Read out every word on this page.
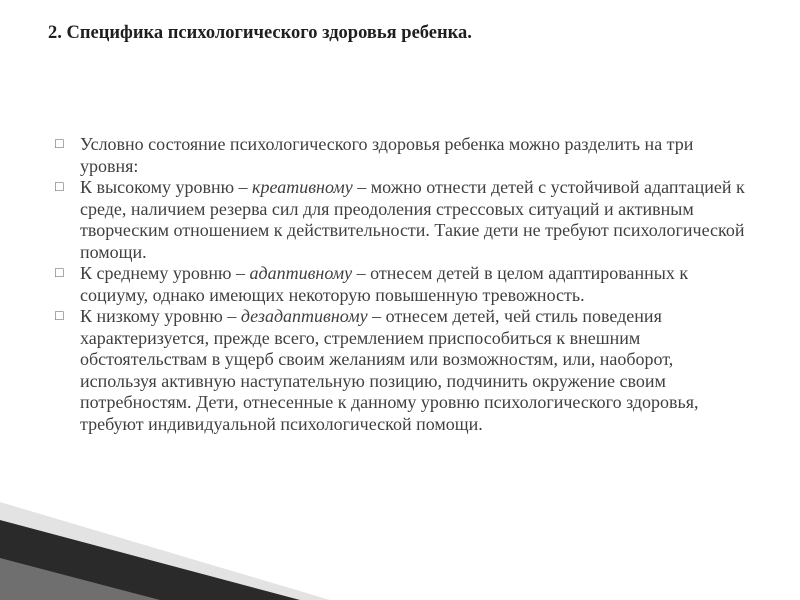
2. Специфика психологического здоровья ребенка.
☐ Условно состояние психологического здоровья ребенка можно разделить на три уровня:
☐ К высокому уровню – креативному – можно отнести детей с устойчивой адаптацией к среде, наличием резерва сил для преодоления стрессовых ситуаций и активным творческим отношением к действительности. Такие дети не требуют психологической помощи.
☐ К среднему уровню – адаптивному – отнесем детей в целом адаптированных к социуму, однако имеющих некоторую повышенную тревожность.
☐ К низкому уровню – дезадаптивному – отнесем детей, чей стиль поведения характеризуется, прежде всего, стремлением приспособиться к внешним обстоятельствам в ущерб своим желаниям или возможностям, или, наоборот, используя активную наступательную позицию, подчинить окружение своим потребностям. Дети, отнесенные к данному уровню психологического здоровья, требуют индивидуальной психологической помощи.
